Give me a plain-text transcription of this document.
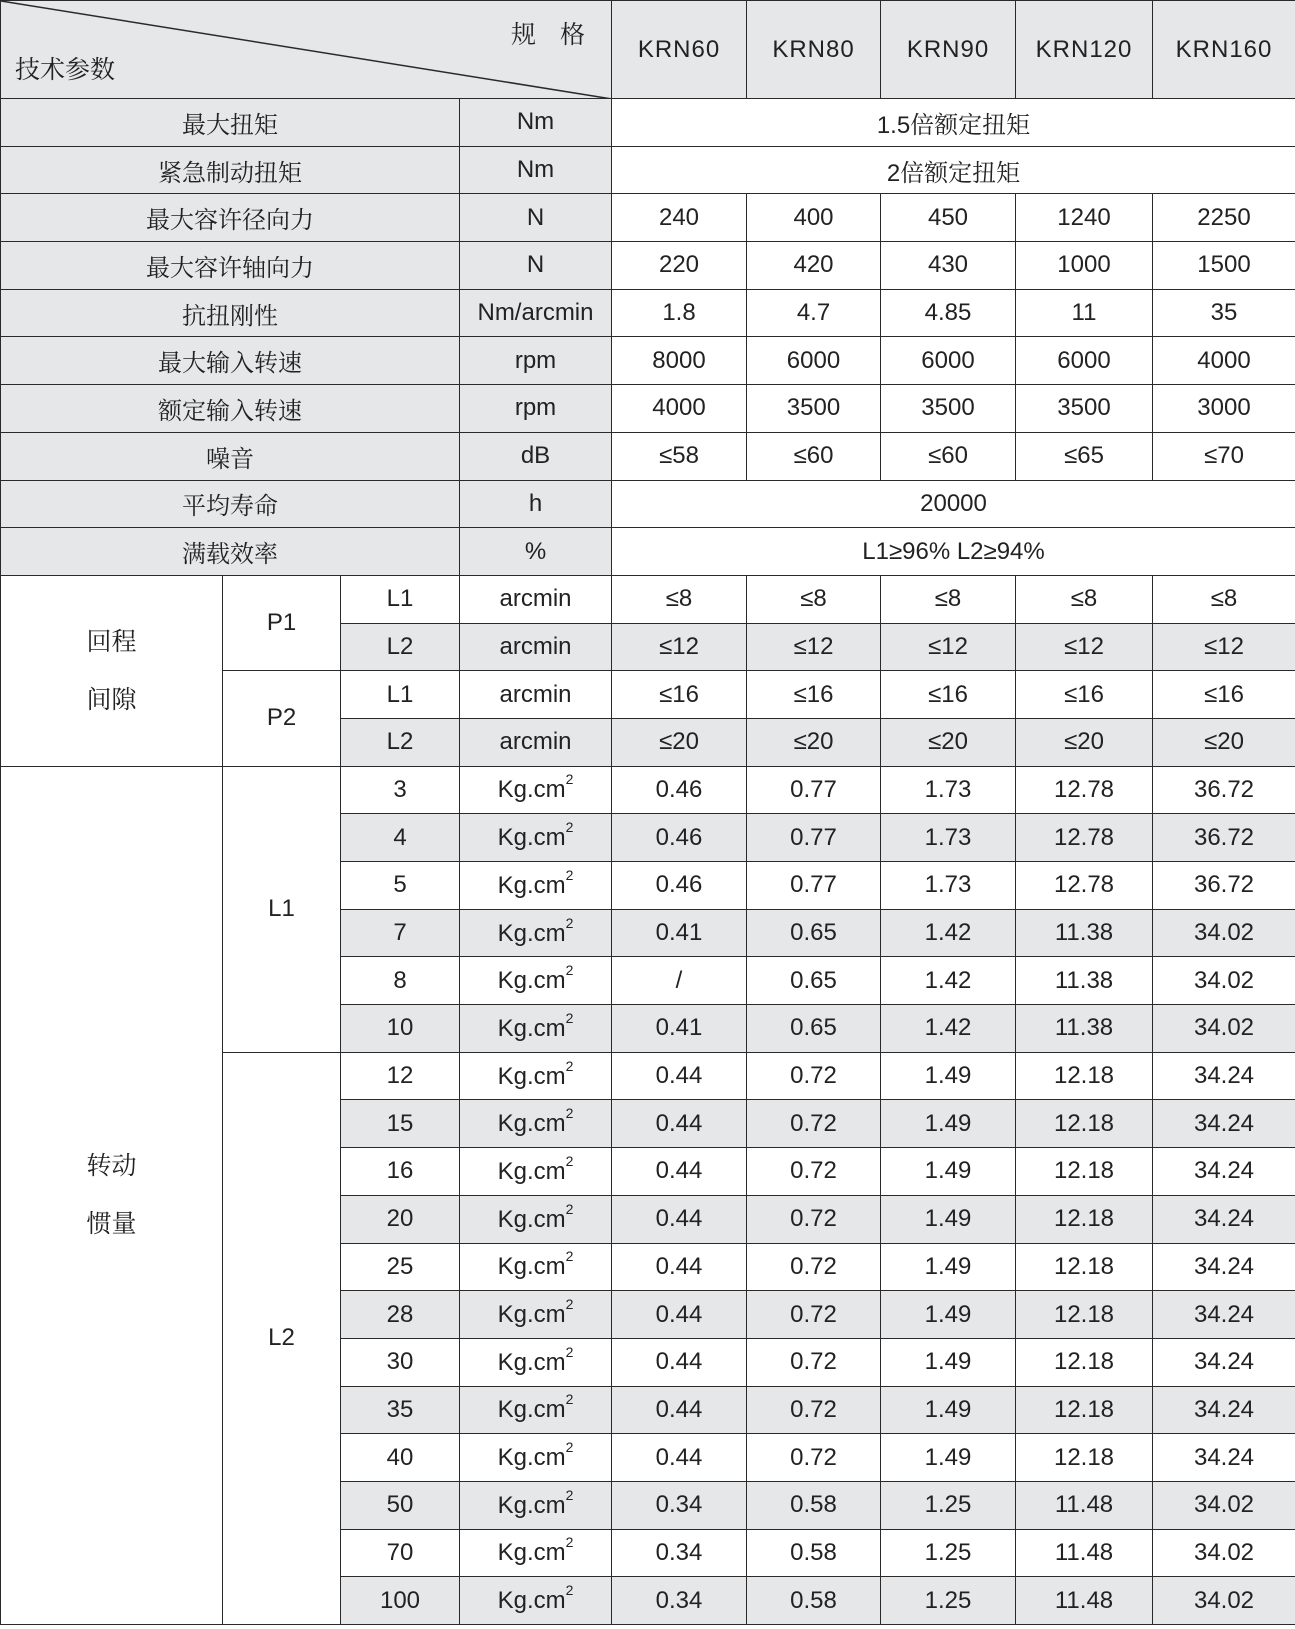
规 格
技术参数				KRN60	KRN80	KRN90	KRN120	KRN160
最大扭矩			Nm	1.5倍额定扭矩				
紧急制动扭矩			Nm	2倍额定扭矩				
最大容许径向力			N	240	400	450	1240	2250
最大容许轴向力			N	220	420	430	1000	1500
抗扭刚性			Nm/arcmin	1.8	4.7	4.85	11	35
最大输入转速			rpm	8000	6000	6000	6000	4000
额定输入转速			rpm	4000	3500	3500	3500	3000
噪音			dB	≤58	≤60	≤60	≤65	≤70
平均寿命			h	20000				
满载效率			%	L1≥96% L2≥94%				

回程
间隙	P1	L1	arcmin	≤8	≤8	≤8	≤8	≤8
		L2	arcmin	≤12	≤12	≤12	≤12	≤12
	P2	L1	arcmin	≤16	≤16	≤16	≤16	≤16
		L2	arcmin	≤20	≤20	≤20	≤20	≤20

转动
惯量	L1	3	$Kg.cm^2$	0.46	0.77	1.73	12.78	36.72
		4	$Kg.cm^2$	0.46	0.77	1.73	12.78	36.72
		5	$Kg.cm^2$	0.46	0.77	1.73	12.78	36.72
		7	$Kg.cm^2$	0.41	0.65	1.42	11.38	34.02
		8	$Kg.cm^2$	/	0.65	1.42	11.38	34.02
		10	$Kg.cm^2$	0.41	0.65	1.42	11.38	34.02
	L2	12	$Kg.cm^2$	0.44	0.72	1.49	12.18	34.24
		15	$Kg.cm^2$	0.44	0.72	1.49	12.18	34.24
		16	$Kg.cm^2$	0.44	0.72	1.49	12.18	34.24
		20	$Kg.cm^2$	0.44	0.72	1.49	12.18	34.24
		25	$Kg.cm^2$	0.44	0.72	1.49	12.18	34.24
		28	$Kg.cm^2$	0.44	0.72	1.49	12.18	34.24
		30	$Kg.cm^2$	0.44	0.72	1.49	12.18	34.24
		35	$Kg.cm^2$	0.44	0.72	1.49	12.18	34.24
		40	$Kg.cm^2$	0.44	0.72	1.49	12.18	34.24
		50	$Kg.cm^2$	0.34	0.58	1.25	11.48	34.02
		70	$Kg.cm^2$	0.34	0.58	1.25	11.48	34.02
		100	$Kg.cm^2$	0.34	0.58	1.25	11.48	34.02
